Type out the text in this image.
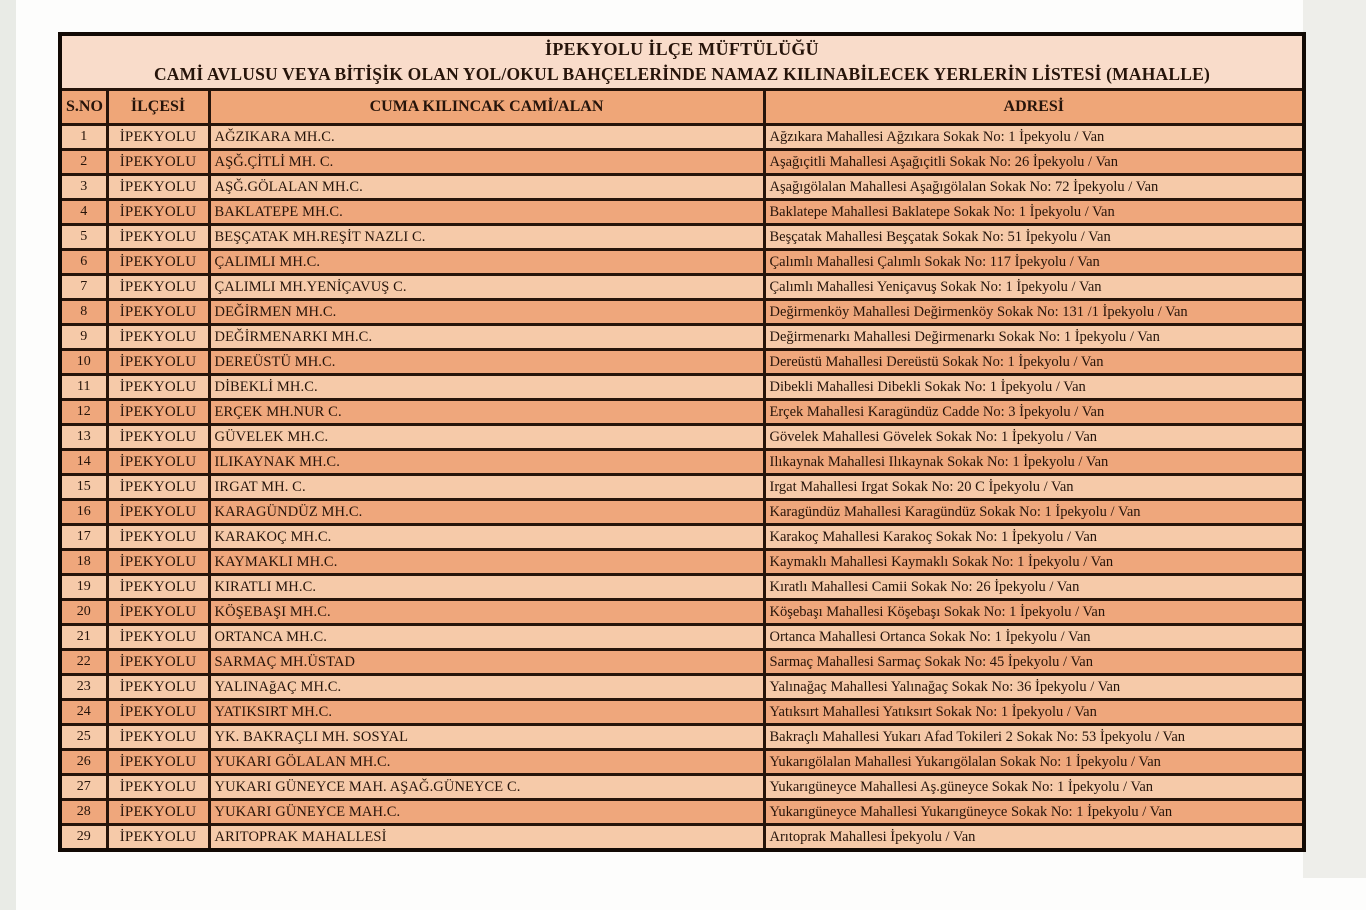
İPEKYOLU İLÇE MÜFTÜLÜĞÜ
CAMİ AVLUSU VEYA BİTİŞİK OLAN YOL/OKUL BAHÇELERİNDE NAMAZ KILINABİLECEK YERLERİN LİSTESİ (MAHALLE)			

S.NO	İLÇESİ	CUMA KILINCAK CAMİ/ALAN	ADRESİ
1	İPEKYOLU	AĞZIKARA MH.C.	Ağzıkara Mahallesi Ağzıkara Sokak No: 1 İpekyolu / Van
2	İPEKYOLU	AŞĞ.ÇİTLİ MH. C.	Aşağıçitli Mahallesi Aşağıçitli Sokak No: 26 İpekyolu / Van
3	İPEKYOLU	AŞĞ.GÖLALAN MH.C.	Aşağıgölalan Mahallesi Aşağıgölalan Sokak No: 72 İpekyolu / Van
4	İPEKYOLU	BAKLATEPE MH.C.	Baklatepe Mahallesi Baklatepe Sokak No: 1 İpekyolu / Van
5	İPEKYOLU	BEŞÇATAK MH.REŞİT NAZLI C.	Beşçatak Mahallesi Beşçatak Sokak No: 51 İpekyolu / Van
6	İPEKYOLU	ÇALIMLI MH.C.	Çalımlı Mahallesi Çalımlı Sokak No: 117 İpekyolu / Van
7	İPEKYOLU	ÇALIMLI MH.YENİÇAVUŞ C.	Çalımlı Mahallesi Yeniçavuş Sokak No: 1 İpekyolu / Van
8	İPEKYOLU	DEĞİRMEN MH.C.	Değirmenköy Mahallesi Değirmenköy Sokak No: 131 /1 İpekyolu / Van
9	İPEKYOLU	DEĞİRMENARKI MH.C.	Değirmenarkı Mahallesi Değirmenarkı Sokak No: 1 İpekyolu / Van
10	İPEKYOLU	DEREÜSTÜ MH.C.	Dereüstü Mahallesi Dereüstü Sokak No: 1 İpekyolu / Van
11	İPEKYOLU	DİBEKLİ MH.C.	Dibekli Mahallesi Dibekli Sokak No: 1 İpekyolu / Van
12	İPEKYOLU	ERÇEK MH.NUR C.	Erçek Mahallesi Karagündüz Cadde No: 3 İpekyolu / Van
13	İPEKYOLU	GÜVELEK MH.C.	Gövelek Mahallesi Gövelek Sokak No: 1 İpekyolu / Van
14	İPEKYOLU	ILIKAYNAK MH.C.	Ilıkaynak Mahallesi Ilıkaynak Sokak No: 1 İpekyolu / Van
15	İPEKYOLU	IRGAT MH. C.	Irgat Mahallesi Irgat Sokak No: 20 C İpekyolu / Van
16	İPEKYOLU	KARAGÜNDÜZ MH.C.	Karagündüz Mahallesi Karagündüz Sokak No: 1 İpekyolu / Van
17	İPEKYOLU	KARAKOÇ MH.C.	Karakoç Mahallesi Karakoç Sokak No: 1 İpekyolu / Van
18	İPEKYOLU	KAYMAKLI MH.C.	Kaymaklı Mahallesi Kaymaklı Sokak No: 1 İpekyolu / Van
19	İPEKYOLU	KIRATLI MH.C.	Kıratlı Mahallesi Camii Sokak No: 26 İpekyolu / Van
20	İPEKYOLU	KÖŞEBAŞI MH.C.	Köşebaşı Mahallesi Köşebaşı Sokak No: 1 İpekyolu / Van
21	İPEKYOLU	ORTANCA MH.C.	Ortanca Mahallesi Ortanca Sokak No: 1 İpekyolu / Van
22	İPEKYOLU	SARMAÇ MH.ÜSTAD	Sarmaç Mahallesi Sarmaç Sokak No: 45 İpekyolu / Van
23	İPEKYOLU	YALINAğAÇ MH.C.	Yalınağaç Mahallesi Yalınağaç Sokak No: 36 İpekyolu / Van
24	İPEKYOLU	YATIKSIRT MH.C.	Yatıksırt Mahallesi Yatıksırt Sokak No: 1 İpekyolu / Van
25	İPEKYOLU	YK. BAKRAÇLI MH. SOSYAL	Bakraçlı Mahallesi Yukarı Afad Tokileri 2 Sokak No: 53 İpekyolu / Van
26	İPEKYOLU	YUKARI GÖLALAN MH.C.	Yukarıgölalan Mahallesi Yukarıgölalan Sokak No: 1 İpekyolu / Van
27	İPEKYOLU	YUKARI GÜNEYCE MAH. AŞAĞ.GÜNEYCE C.	Yukarıgüneyce Mahallesi Aş.güneyce Sokak No: 1 İpekyolu / Van
28	İPEKYOLU	YUKARI GÜNEYCE MAH.C.	Yukarıgüneyce Mahallesi Yukarıgüneyce Sokak No: 1 İpekyolu / Van
29	İPEKYOLU	ARITOPRAK MAHALLESİ	Arıtoprak Mahallesi İpekyolu / Van
